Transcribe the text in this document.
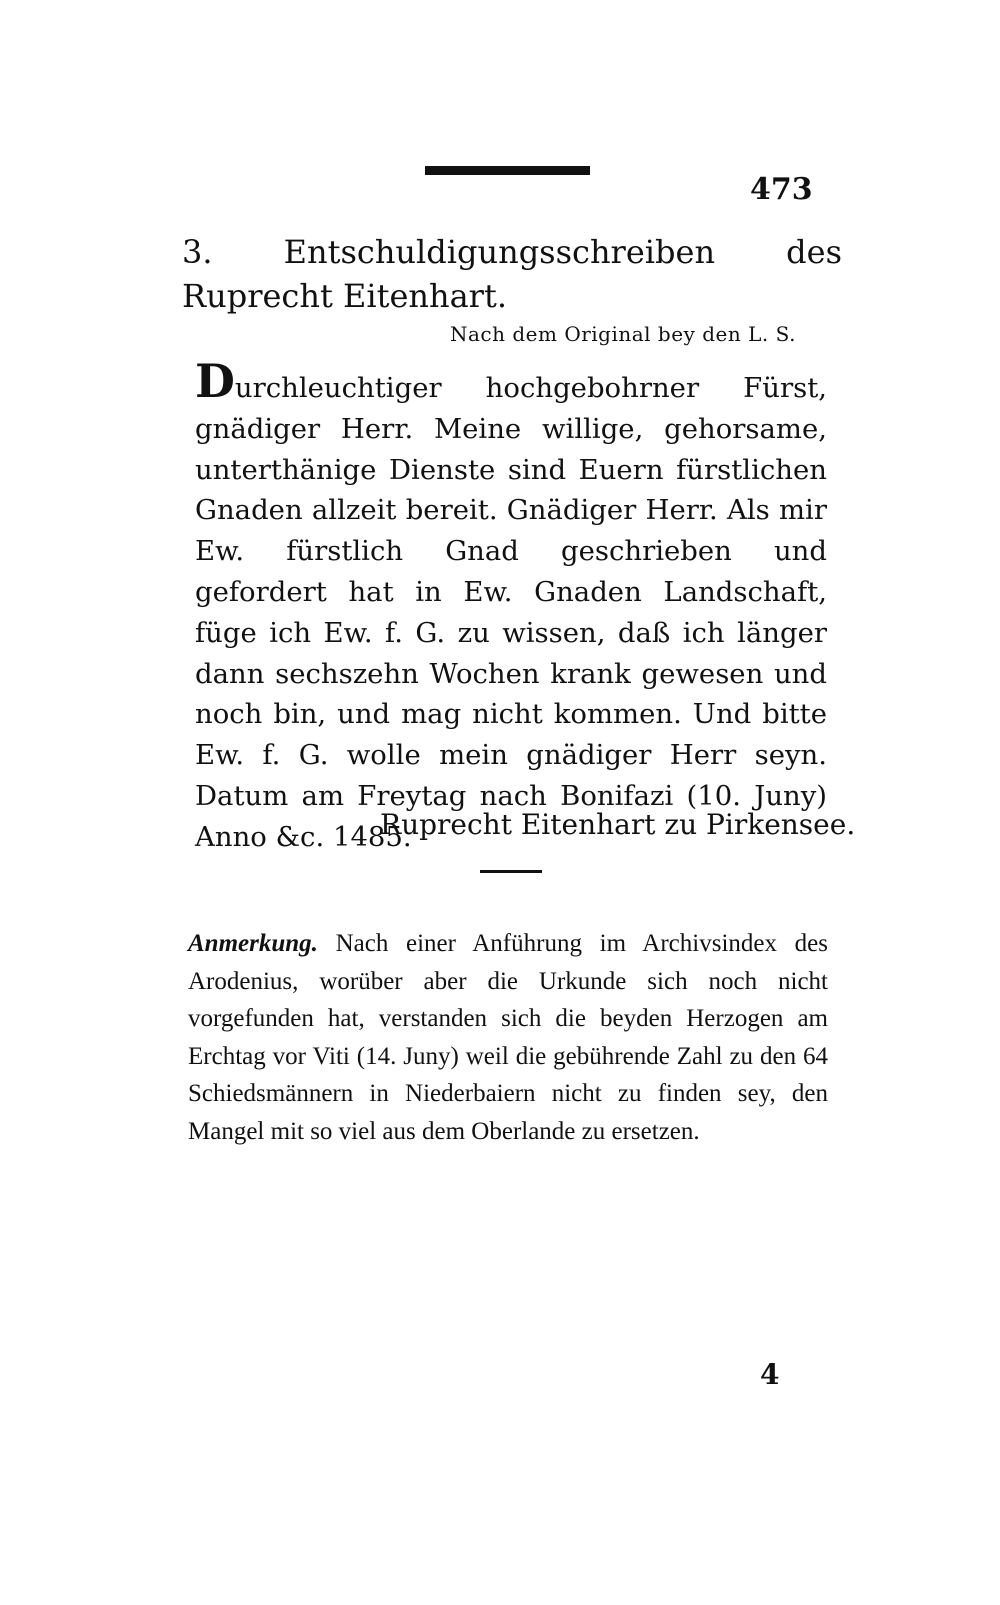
473
3. Entschuldigungsschreiben des Ruprecht Eitenhart.
Nach dem Original bey den L. S.
Durchleuchtiger hochgebohrner Fürst, gnädiger Herr. Meine willige, gehorsame, unterthänige Dienste sind Euern fürstlichen Gnaden allzeit bereit. Gnädiger Herr. Als mir Ew. fürstlich Gnad geschrieben und gefordert hat in Ew. Gnaden Landschaft, füge ich Ew. f. G. zu wissen, daß ich länger dann sechszehn Wochen krank gewesen und noch bin, und mag nicht kommen. Und bitte Ew. f. G. wolle mein gnädiger Herr seyn. Datum am Freytag nach Bonifazi (10. Juny) Anno &c. 1485.
Ruprecht Eitenhart zu Pirkensee.
Anmerkung. Nach einer Anführung im Archivsindex des Arodenius, worüber aber die Urkunde sich noch nicht vorgefunden hat, verstanden sich die beyden Herzogen am Erchtag vor Viti (14. Juny) weil die gebührende Zahl zu den 64 Schiedsmännern in Niederbaiern nicht zu finden sey, den Mangel mit so viel aus dem Oberlande zu ersetzen.
4
